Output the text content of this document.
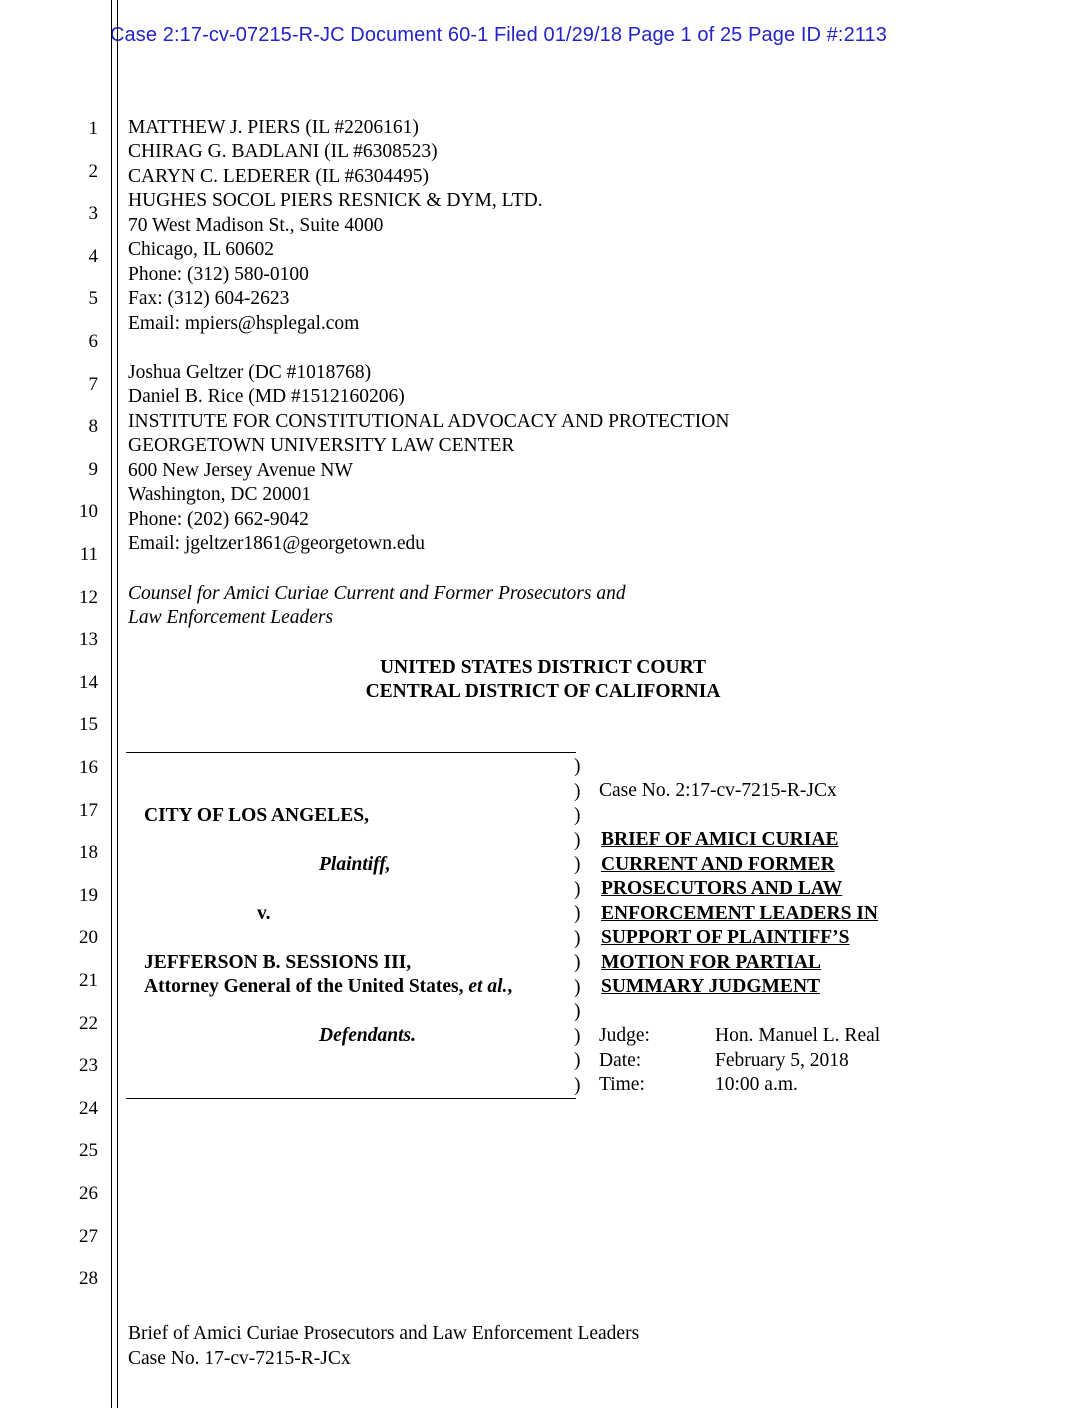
Case 2:17-cv-07215-R-JC Document 60-1 Filed 01/29/18 Page 1 of 25 Page ID #:2113
1
2
3
4
5
6
7
8
9
10
11
12
13
14
15
16
17
18
19
20
21
22
23
24
25
26
27
28
MATTHEW J. PIERS (IL #2206161)
CHIRAG G. BADLANI (IL #6308523)
CARYN C. LEDERER (IL #6304495)
HUGHES SOCOL PIERS RESNICK & DYM, LTD.
70 West Madison St., Suite 4000
Chicago, IL 60602
Phone: (312) 580-0100
Fax: (312) 604-2623
Email: mpiers@hsplegal.com
Joshua Geltzer (DC #1018768)
Daniel B. Rice (MD #1512160206)
INSTITUTE FOR CONSTITUTIONAL ADVOCACY AND PROTECTION
GEORGETOWN UNIVERSITY LAW CENTER
600 New Jersey Avenue NW
Washington, DC 20001
Phone: (202) 662-9042
Email: jgeltzer1861@georgetown.edu
Counsel for Amici Curiae Current and Former Prosecutors and
Law Enforcement Leaders
UNITED STATES DISTRICT COURT
CENTRAL DISTRICT OF CALIFORNIA
CITY OF LOS ANGELES,
Plaintiff,
v.
JEFFERSON B. SESSIONS III,
Attorney General of the United States, et al.,
Defendants.
)
)
)
)
)
)
)
)
)
)
)
)
)
)
Case No. 2:17-cv-7215-R-JCx
BRIEF OF AMICI CURIAE
CURRENT AND FORMER
PROSECUTORS AND LAW
ENFORCEMENT LEADERS IN
SUPPORT OF PLAINTIFF’S
MOTION FOR PARTIAL
SUMMARY JUDGMENT
Judge:	Hon. Manuel L. Real
Date:	February 5, 2018
Time:	10:00 a.m.
Brief of Amici Curiae Prosecutors and Law Enforcement Leaders
Case No. 17-cv-7215-R-JCx
